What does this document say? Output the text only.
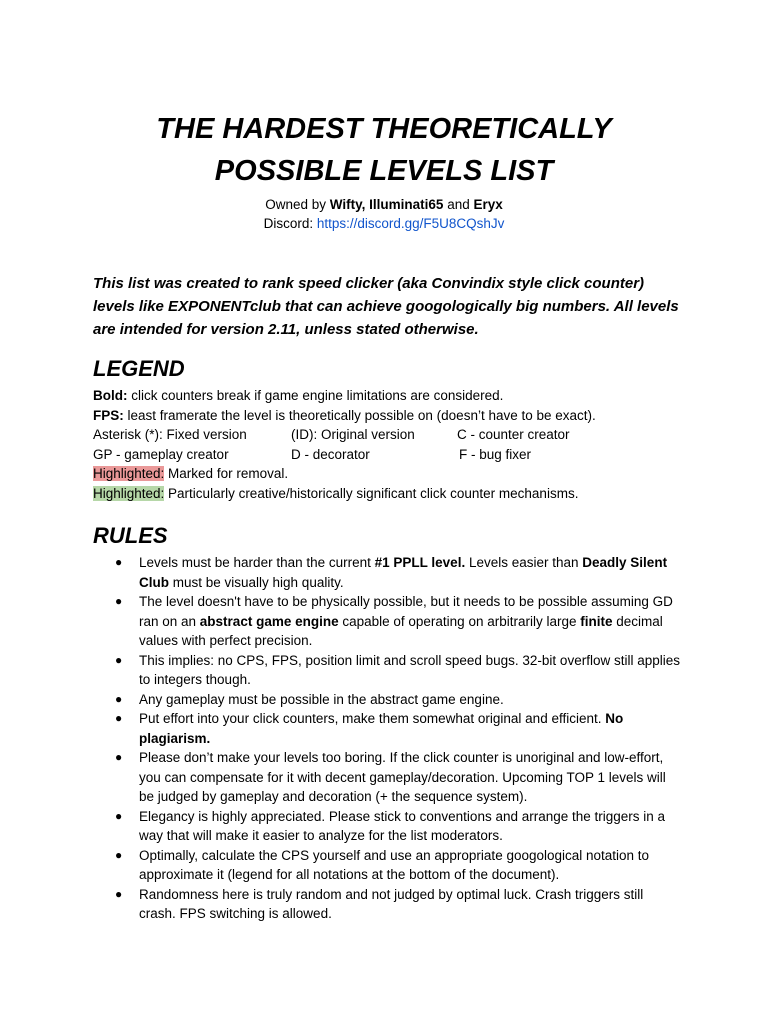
THE HARDEST THEORETICALLY
POSSIBLE LEVELS LIST
Owned by Wifty, Illuminati65 and Eryx
Discord: https://discord.gg/F5U8CQshJv

This list was created to rank speed clicker (aka Convindix style click counter) levels like EXPONENTclub that can achieve googologically big numbers. All levels are intended for version 2.11, unless stated otherwise.

LEGEND
Bold: click counters break if game engine limitations are considered.
FPS: least framerate the level is theoretically possible on (doesn’t have to be exact).
Asterisk (*): Fixed version	(ID): Original version	C - counter creator
GP - gameplay creator	D - decorator	F - bug fixer
Highlighted: Marked for removal.
Highlighted: Particularly creative/historically significant click counter mechanisms.
RULES
● Levels must be harder than the current #1 PPLL level. Levels easier than Deadly Silent Club must be visually high quality.
● The level doesn't have to be physically possible, but it needs to be possible assuming GD ran on an abstract game engine capable of operating on arbitrarily large finite decimal values with perfect precision.
● This implies: no CPS, FPS, position limit and scroll speed bugs. 32-bit overflow still applies to integers though.
● Any gameplay must be possible in the abstract game engine.
● Put effort into your click counters, make them somewhat original and efficient. No plagiarism.
● Please don’t make your levels too boring. If the click counter is unoriginal and low-effort, you can compensate for it with decent gameplay/decoration. Upcoming TOP 1 levels will be judged by gameplay and decoration (+ the sequence system).
● Elegancy is highly appreciated. Please stick to conventions and arrange the triggers in a way that will make it easier to analyze for the list moderators.
● Optimally, calculate the CPS yourself and use an appropriate googological notation to approximate it (legend for all notations at the bottom of the document).
● Randomness here is truly random and not judged by optimal luck. Crash triggers still crash. FPS switching is allowed.
